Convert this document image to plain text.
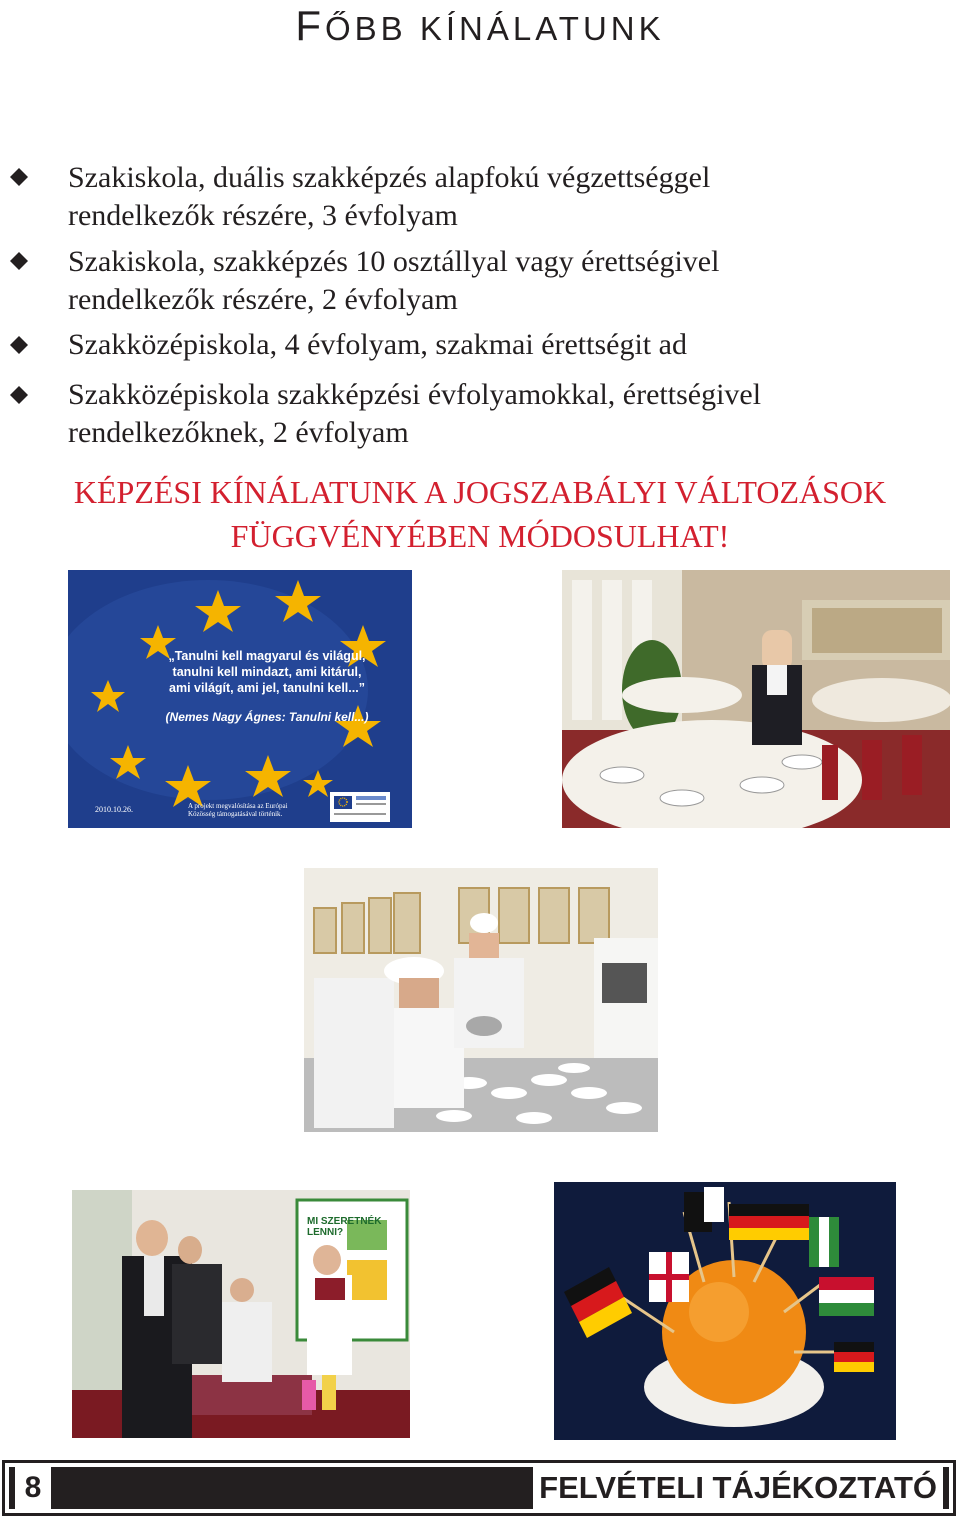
FŐBB KÍNÁLATUNK
Szakiskola, duális szakképzés alapfokú végzettséggel
rendelkezők részére, 3 évfolyam
Szakiskola, szakképzés 10 osztállyal vagy érettségivel
rendelkezők részére, 2 évfolyam
Szakközépiskola, 4 évfolyam, szakmai érettségit ad
Szakközépiskola szakképzési évfolyamokkal, érettségivel
rendelkezőknek, 2 évfolyam
KÉPZÉSI KÍNÁLATUNK A JOGSZABÁLYI VÁLTOZÁSOK
FÜGGVÉNYÉBEN MÓDOSULHAT!
„Tanulni kell magyarul és világul,
tanulni kell mindazt, ami kitárul,
ami világít, ami jel, tanulni kell...”
(Nemes Nagy Ágnes: Tanulni kell...)
2010.10.26.	A projekt megvalósítása az Európai
Közösség támogatásával történik.
MI SZERETNÉK LENNI?
8	FELVÉTELI TÁJÉKOZTATÓ
